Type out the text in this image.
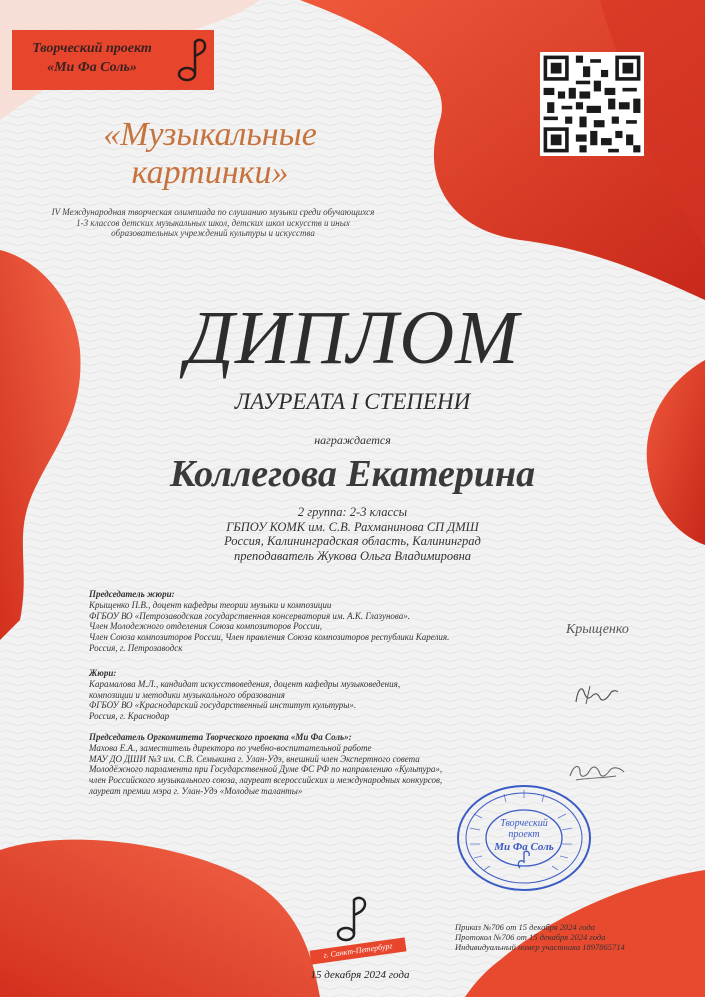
Творческий проект
«Ми Фа Соль»
«Музыкальные картинки»
IV Международная творческая олимпиада по слушанию музыки среди обучающихся 1-3 классов детских музыкальных школ, детских школ искусств и иных образовательных учреждений культуры и искусства
ДИПЛОМ
ЛАУРЕАТА I СТЕПЕНИ
награждается
Коллегова Екатерина
2 группа: 2-3 классы
ГБПОУ КОМК им. С.В. Рахманинова СП ДМШ
Россия, Калининградская область, Калининград
преподаватель Жукова Ольга Владимировна
Председатель жюри:
Крыщенко П.В., доцент кафедры теории музыки и композиции
ФГБОУ ВО «Петрозаводская государственная консерватория им. А.К. Глазунова».
Член Молодежного отделения Союза композиторов России,
Член Союза композиторов России, Член правления Союза композиторов республики Карелия.
Россия, г. Петрозаводск
Жюри:
Карамалова М.Л., кандидат искусствоведения, доцент кафедры музыковедения,
композиции и методики музыкального образования
ФГБОУ ВО «Краснодарский государственный институт культуры».
Россия, г. Краснодар
Председатель Оргкомитета Творческого проекта «Ми Фа Соль»:
Махова Е.А., заместитель директора по учебно-воспитательной работе
МАУ ДО ДШИ №3 им. С.В. Семыкина г. Улан-Удэ, внешний член Экспертного совета
Молодёжного парламента при Государственной Думе ФС РФ по направлению «Культура»,
член Российского музыкального союза, лауреат всероссийских и международных конкурсов,
лауреат премии мэра г. Улан-Удэ «Молодые таланты»
Крыщенко
Творческий
проект
Ми Фа Соль
Приказ №706 от 15 декабря 2024 года
Протокол №706 от 15 декабря 2024 года
Индивидуальный номер участника 1897865714
г. Санкт-Петербург
15 декабря 2024 года
